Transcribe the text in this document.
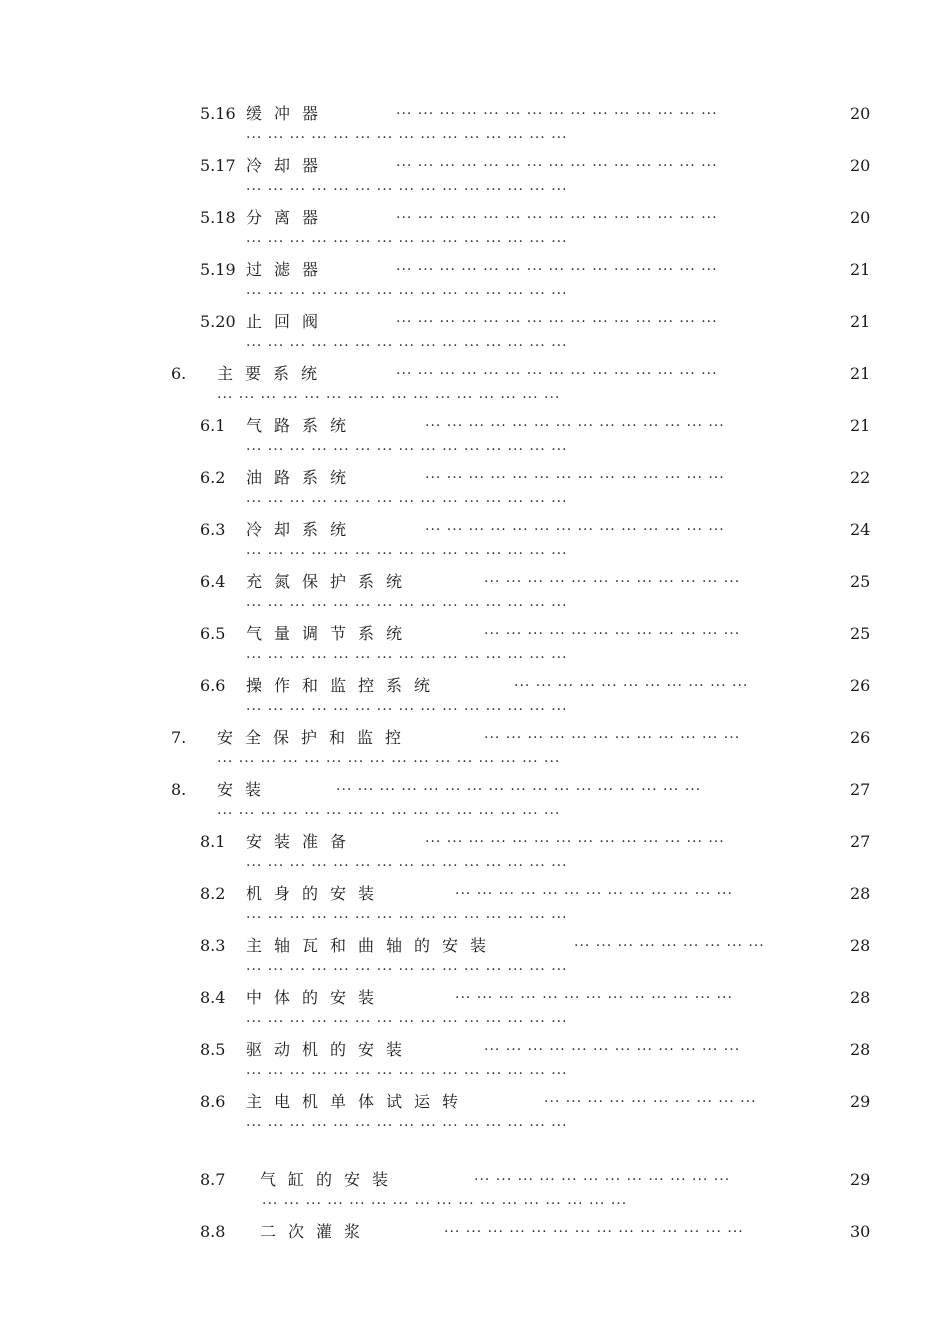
5.16 缓冲器	··· ··· ··· ··· ··· ··· ··· ··· ··· ··· ··· ··· ··· ··· ···
··· ··· ··· ··· ··· ··· ··· ··· ··· ··· ··· ··· ··· ··· ···
20
5.17 冷却器	··· ··· ··· ··· ··· ··· ··· ··· ··· ··· ··· ··· ··· ··· ···
··· ··· ··· ··· ··· ··· ··· ··· ··· ··· ··· ··· ··· ··· ···
20
5.18 分离器	··· ··· ··· ··· ··· ··· ··· ··· ··· ··· ··· ··· ··· ··· ···
··· ··· ··· ··· ··· ··· ··· ··· ··· ··· ··· ··· ··· ··· ···
20
5.19 过滤器	··· ··· ··· ··· ··· ··· ··· ··· ··· ··· ··· ··· ··· ··· ···
··· ··· ··· ··· ··· ··· ··· ··· ··· ··· ··· ··· ··· ··· ···
21
5.20 止回阀	··· ··· ··· ··· ··· ··· ··· ··· ··· ··· ··· ··· ··· ··· ···
··· ··· ··· ··· ··· ··· ··· ··· ··· ··· ··· ··· ··· ··· ···
21
6. 主要系统	··· ··· ··· ··· ··· ··· ··· ··· ··· ··· ··· ··· ··· ··· ···
··· ··· ··· ··· ··· ··· ··· ··· ··· ··· ··· ··· ··· ··· ··· ···
21
6.1 气路系统	··· ··· ··· ··· ··· ··· ··· ··· ··· ··· ··· ··· ··· ···
··· ··· ··· ··· ··· ··· ··· ··· ··· ··· ··· ··· ··· ··· ···
21
6.2 油路系统	··· ··· ··· ··· ··· ··· ··· ··· ··· ··· ··· ··· ··· ···
··· ··· ··· ··· ··· ··· ··· ··· ··· ··· ··· ··· ··· ··· ···
22
6.3 冷却系统	··· ··· ··· ··· ··· ··· ··· ··· ··· ··· ··· ··· ··· ···
··· ··· ··· ··· ··· ··· ··· ··· ··· ··· ··· ··· ··· ··· ···
24
6.4 充氮保护系统	··· ··· ··· ··· ··· ··· ··· ··· ··· ··· ··· ···
··· ··· ··· ··· ··· ··· ··· ··· ··· ··· ··· ··· ··· ··· ···
25
6.5 气量调节系统	··· ··· ··· ··· ··· ··· ··· ··· ··· ··· ··· ···
··· ··· ··· ··· ··· ··· ··· ··· ··· ··· ··· ··· ··· ··· ···
25
6.6 操作和监控系统	··· ··· ··· ··· ··· ··· ··· ··· ··· ··· ···
··· ··· ··· ··· ··· ··· ··· ··· ··· ··· ··· ··· ··· ··· ···
26
7. 安全保护和监控	··· ··· ··· ··· ··· ··· ··· ··· ··· ··· ··· ···
··· ··· ··· ··· ··· ··· ··· ··· ··· ··· ··· ··· ··· ··· ··· ···
26
8. 安装	··· ··· ··· ··· ··· ··· ··· ··· ··· ··· ··· ··· ··· ··· ··· ··· ···
··· ··· ··· ··· ··· ··· ··· ··· ··· ··· ··· ··· ··· ··· ··· ···
27
8.1 安装准备	··· ··· ··· ··· ··· ··· ··· ··· ··· ··· ··· ··· ··· ···
··· ··· ··· ··· ··· ··· ··· ··· ··· ··· ··· ··· ··· ··· ···
27
8.2 机身的安装	··· ··· ··· ··· ··· ··· ··· ··· ··· ··· ··· ··· ···
··· ··· ··· ··· ··· ··· ··· ··· ··· ··· ··· ··· ··· ··· ···
28
8.3 主轴瓦和曲轴的安装	··· ··· ··· ··· ··· ··· ··· ··· ···
··· ··· ··· ··· ··· ··· ··· ··· ··· ··· ··· ··· ··· ··· ···
28
8.4 中体的安装	··· ··· ··· ··· ··· ··· ··· ··· ··· ··· ··· ··· ···
··· ··· ··· ··· ··· ··· ··· ··· ··· ··· ··· ··· ··· ··· ···
28
8.5 驱动机的安装	··· ··· ··· ··· ··· ··· ··· ··· ··· ··· ··· ···
··· ··· ··· ··· ··· ··· ··· ··· ··· ··· ··· ··· ··· ··· ···
28
8.6 主电机单体试运转	··· ··· ··· ··· ··· ··· ··· ··· ··· ···
··· ··· ··· ··· ··· ··· ··· ··· ··· ··· ··· ··· ··· ··· ···
29
8.7 气缸的安装	··· ··· ··· ··· ··· ··· ··· ··· ··· ··· ··· ···
··· ··· ··· ··· ··· ··· ··· ··· ··· ··· ··· ··· ··· ··· ··· ··· ···
29
8.8 二次灌浆	··· ··· ··· ··· ··· ··· ··· ··· ··· ··· ··· ··· ··· ···	30
